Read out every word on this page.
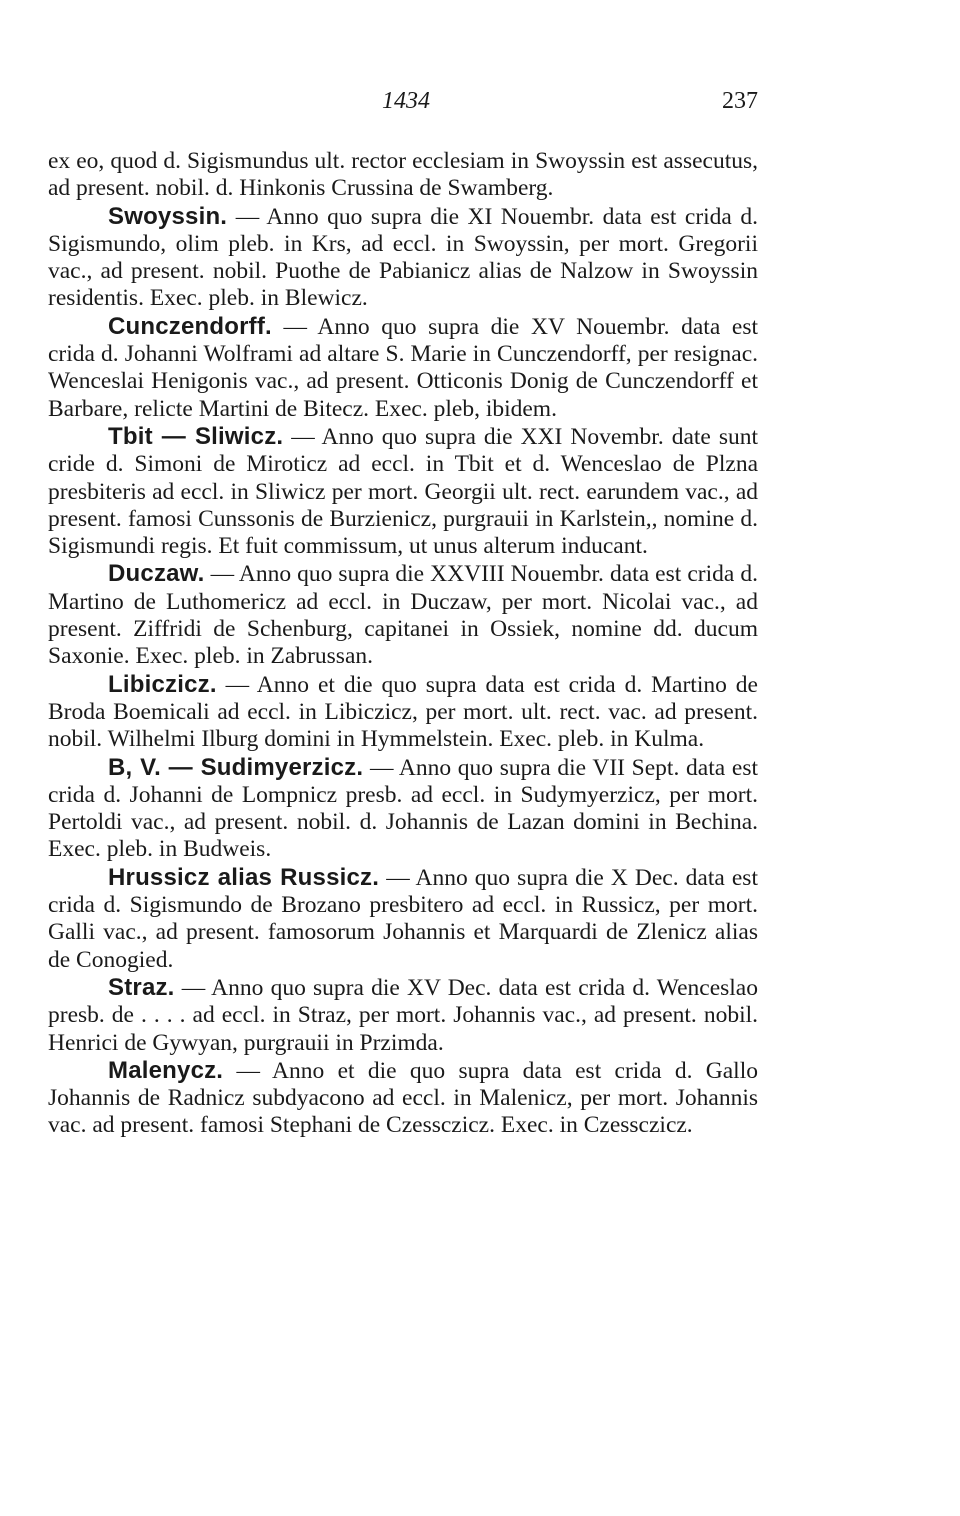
1434	237

ex eo, quod d. Sigismundus ult. rector ecclesiam in Swoyssin est assecutus, ad present. nobil. d. Hinkonis Crussina de Swamberg.

Swoyssin. — Anno quo supra die XI Nouembr. data est crida d. Sigismundo, olim pleb. in Krs, ad eccl. in Swoyssin, per mort. Gregorii vac., ad present. nobil. Puothe de Pabianicz alias de Nalzow in Swoyssin residentis. Exec. pleb. in Blewicz.

Cunczendorff. — Anno quo supra die XV Nouembr. data est crida d. Johanni Wolframi ad altare S. Marie in Cunczendorff, per resignac. Wenceslai Henigonis vac., ad present. Otticonis Donig de Cunczendorff et Barbare, relicte Martini de Bitecz. Exec. pleb, ibidem.

Tbit — Sliwicz. — Anno quo supra die XXI Novembr. date sunt cride d. Simoni de Miroticz ad eccl. in Tbit et d. Wenceslao de Plzna presbiteris ad eccl. in Sliwicz per mort. Georgii ult. rect. earundem vac., ad present. famosi Cunssonis de Burzienicz, purgrauii in Karlstein,, nomine d. Sigismundi regis. Et fuit commissum, ut unus alterum inducant.

Duczaw. — Anno quo supra die XXVIII Nouembr. data est crida d. Martino de Luthomericz ad eccl. in Duczaw, per mort. Nicolai vac., ad present. Ziffridi de Schenburg, capitanei in Ossiek, nomine dd. ducum Saxonie. Exec. pleb. in Zabrussan.

Libiczicz. — Anno et die quo supra data est crida d. Martino de Broda Boemicali ad eccl. in Libiczicz, per mort. ult. rect. vac. ad present. nobil. Wilhelmi Ilburg domini in Hymmelstein. Exec. pleb. in Kulma.

B, V. — Sudimyerzicz. — Anno quo supra die VII Sept. data est crida d. Johanni de Lompnicz presb. ad eccl. in Sudymyerzicz, per mort. Pertoldi vac., ad present. nobil. d. Johannis de Lazan domini in Bechina. Exec. pleb. in Budweis.

Hrussicz alias Russicz. — Anno quo supra die X Dec. data est crida d. Sigismundo de Brozano presbitero ad eccl. in Russicz, per mort. Galli vac., ad present. famosorum Johannis et Marquardi de Zlenicz alias de Conogied.

Straz. — Anno quo supra die XV Dec. data est crida d. Wenceslao presb. de . . . . ad eccl. in Straz, per mort. Johannis vac., ad present. nobil. Henrici de Gywyan, purgrauii in Przimda.

Malenycz. — Anno et die quo supra data est crida d. Gallo Johannis de Radnicz subdyacono ad eccl. in Malenicz, per mort. Johannis vac. ad present. famosi Stephani de Czessczicz. Exec. in Czessczicz.
